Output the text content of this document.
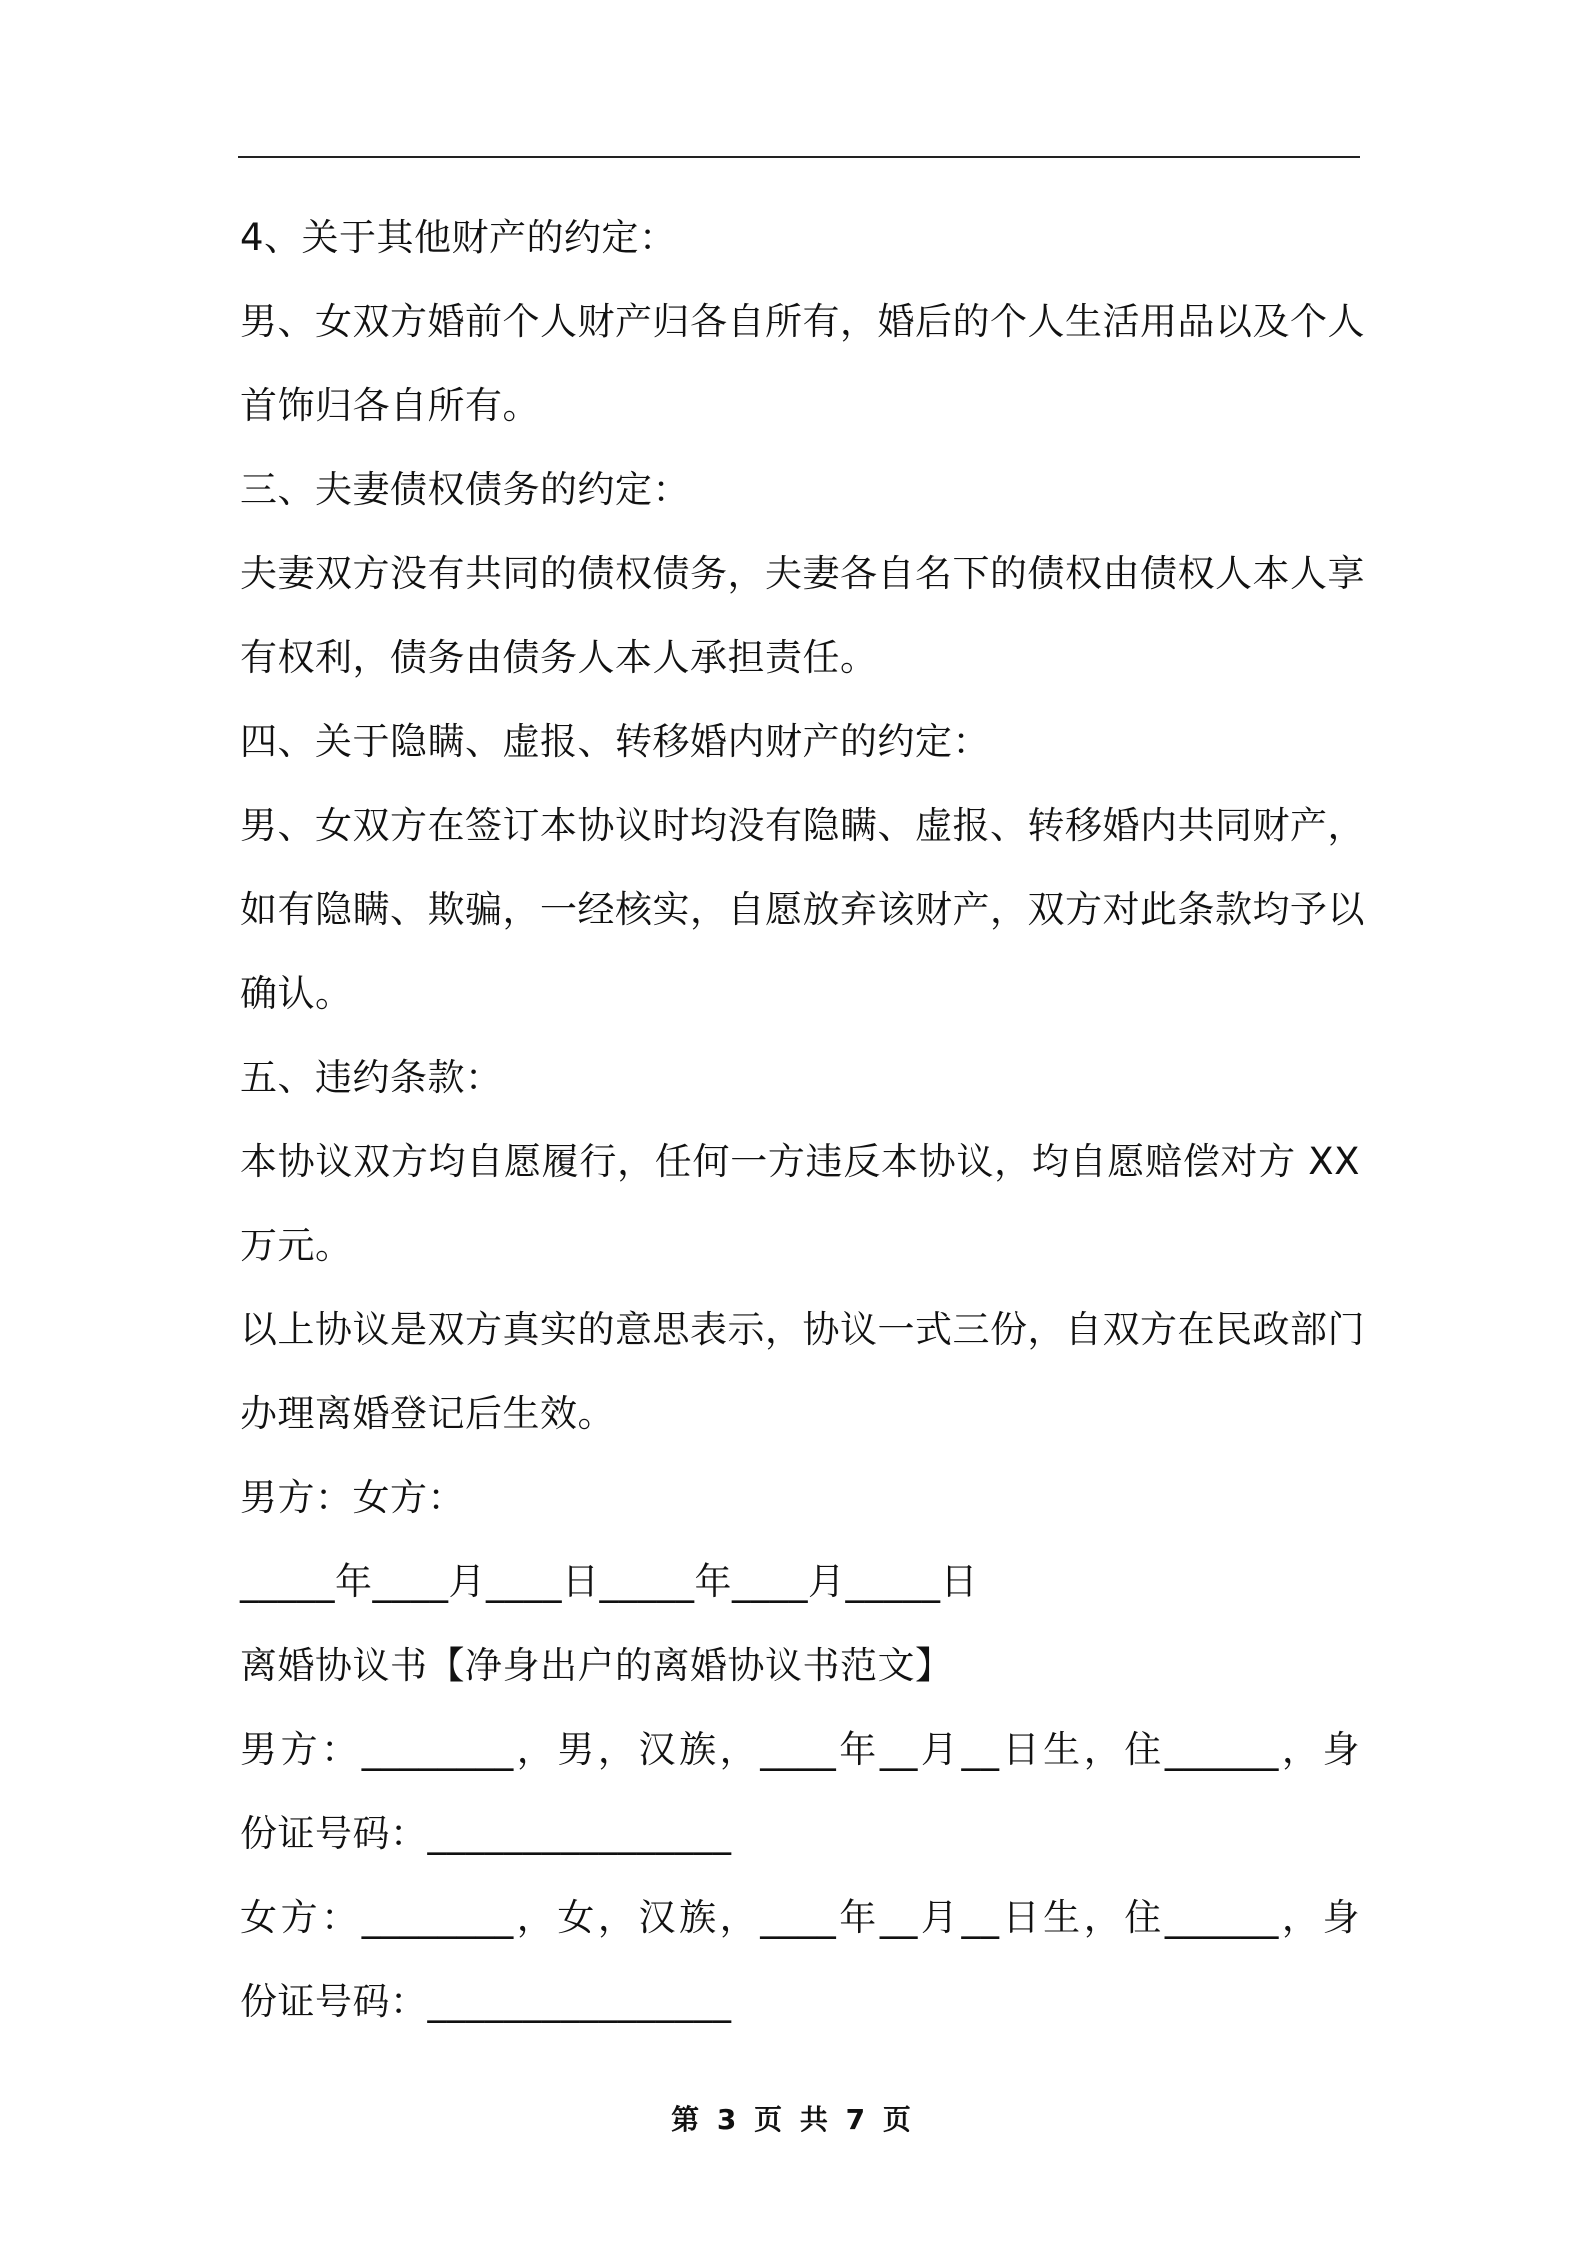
4、关于其他财产的约定：
男、女双方婚前个人财产归各自所有，婚后的个人生活用品以及个人
首饰归各自所有。
三、夫妻债权债务的约定：
夫妻双方没有共同的债权债务，夫妻各自名下的债权由债权人本人享
有权利，债务由债务人本人承担责任。
四、关于隐瞒、虚报、转移婚内财产的约定：
男、女双方在签订本协议时均没有隐瞒、虚报、转移婚内共同财产，
如有隐瞒、欺骗，一经核实，自愿放弃该财产，双方对此条款均予以
确认。
五、违约条款：
本协议双方均自愿履行，任何一方违反本协议，均自愿赔偿对方 XX
万元。
以上协议是双方真实的意思表示，协议一式三份，自双方在民政部门
办理离婚登记后生效。
男方：女方：
_____年____月____日_____年____月_____日
离婚协议书【净身出户的离婚协议书范文】
男方：________，男，汉族，____年__月__日生，住______，身
份证号码：________________
女方：________，女，汉族，____年__月__日生，住______，身
份证号码：________________
第 3 页 共 7 页
